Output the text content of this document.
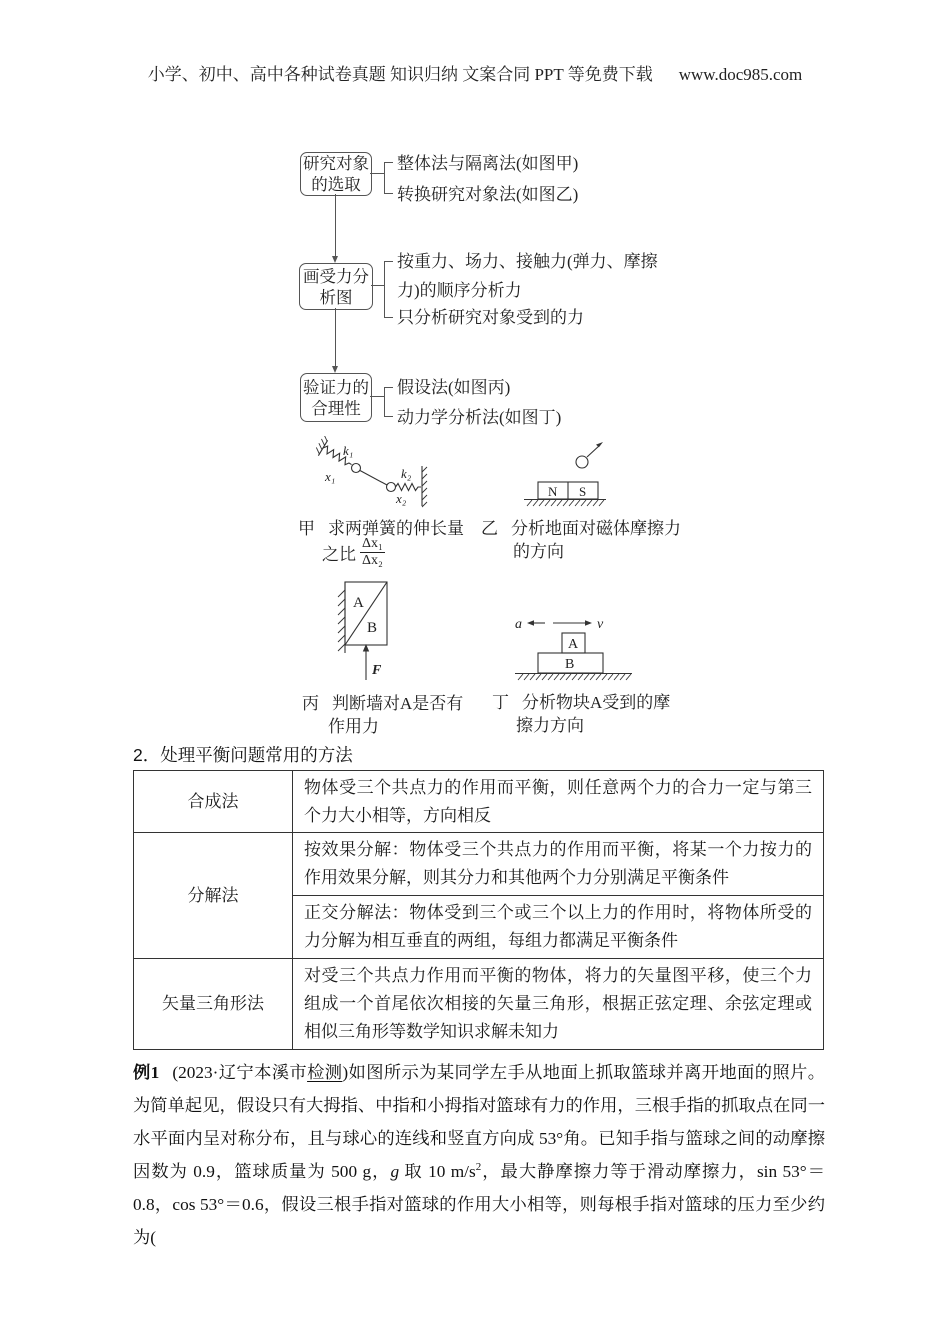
小学、初中、高中各种试卷真题 知识归纳 文案合同 PPT 等免费下载 www.doc985.com
研究对象
的选取
整体法与隔离法(如图甲)
转换研究对象法(如图乙)
画受力分
析图
按重力、场力、接触力(弹力、摩擦
力)的顺序分析力
只分析研究对象受到的力
验证力的
合理性
假设法(如图丙)
动力学分析法(如图丁)
k₁
x₁	k₂
x₂
甲 求两弹簧的伸长量
之比 $\frac{\text{Δx₁}}{\text{Δx₂}}$
N S
乙 分析地面对磁体摩擦力
的方向
A
B
F
丙 判断墙对A是否有
作用力
a	v
A
B
丁 分析物块A受到的摩
擦力方向
2．处理平衡问题常用的方法
合成法	物体受三个共点力的作用而平衡，则任意两个力的合力一定与第三个力大小相等，方向相反
分解法	按效果分解：物体受三个共点力的作用而平衡，将某一个力按力的作用效果分解，则其分力和其他两个力分别满足平衡条件
	正交分解法：物体受到三个或三个以上力的作用时，将物体所受的力分解为相互垂直的两组，每组力都满足平衡条件
矢量三角形法	对受三个共点力作用而平衡的物体，将力的矢量图平移，使三个力组成一个首尾依次相接的矢量三角形，根据正弦定理、余弦定理或相似三角形等数学知识求解未知力
例1 (2023·辽宁本溪市检测)如图所示为某同学左手从地面上抓取篮球并离开地面的照片。为简单起见，假设只有大拇指、中指和小拇指对篮球有力的作用，三根手指的抓取点在同一水平面内呈对称分布，且与球心的连线和竖直方向成 53°角。已知手指与篮球之间的动摩擦因数为 0.9，篮球质量为 500 g，g 取 10 $m/s^2$，最大静摩擦力等于滑动摩擦力，sin 53°＝0.8，cos 53°＝0.6，假设三根手指对篮球的作用大小相等，则每根手指对篮球的压力至少约为(
